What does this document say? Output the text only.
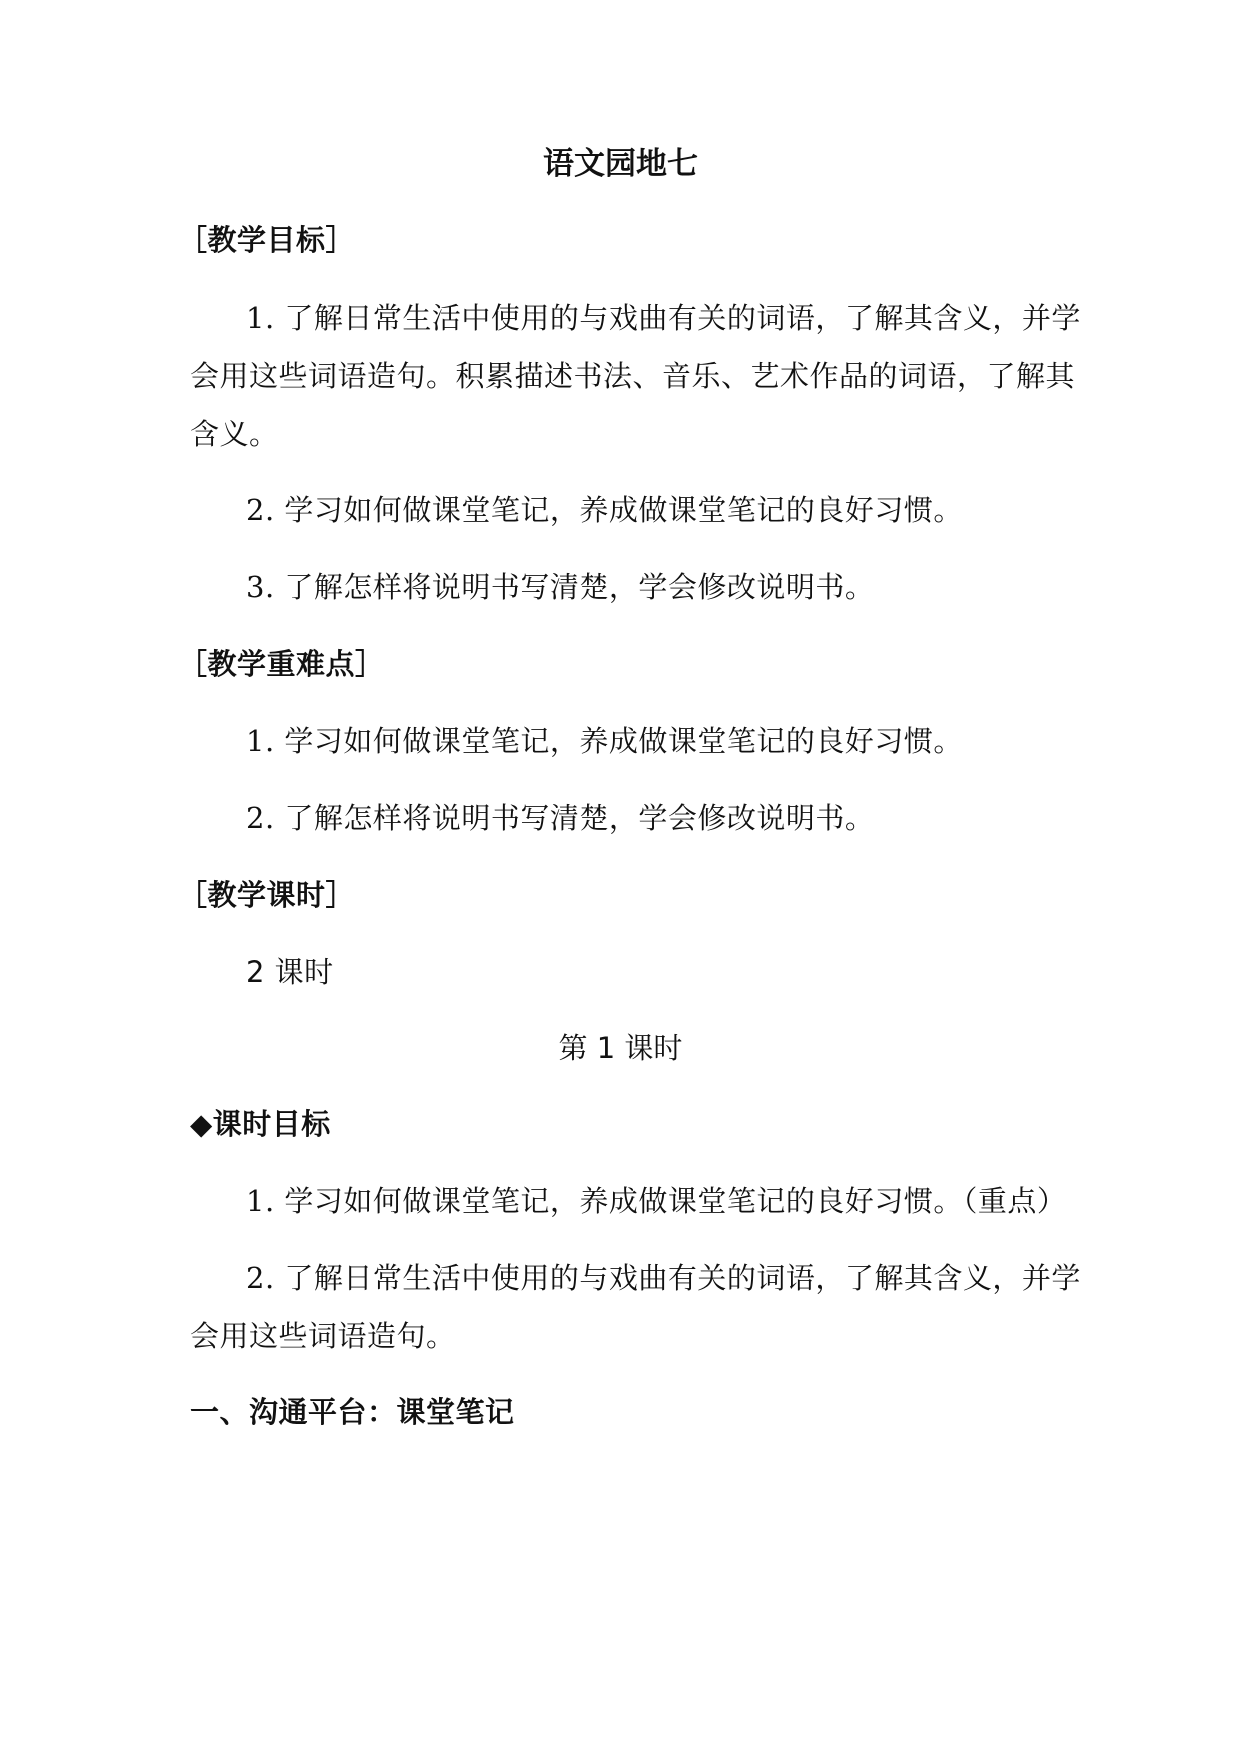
语文园地七
［教学目标］
1. 了解日常生活中使用的与戏曲有关的词语，了解其含义，并学
会用这些词语造句。积累描述书法、音乐、艺术作品的词语，了解其
含义。
2. 学习如何做课堂笔记，养成做课堂笔记的良好习惯。
3. 了解怎样将说明书写清楚，学会修改说明书。
［教学重难点］
1. 学习如何做课堂笔记，养成做课堂笔记的良好习惯。
2. 了解怎样将说明书写清楚，学会修改说明书。
［教学课时］
2 课时
第 1 课时
◆课时目标
1. 学习如何做课堂笔记，养成做课堂笔记的良好习惯。（重点）
2. 了解日常生活中使用的与戏曲有关的词语，了解其含义，并学
会用这些词语造句。
一、沟通平台：课堂笔记
